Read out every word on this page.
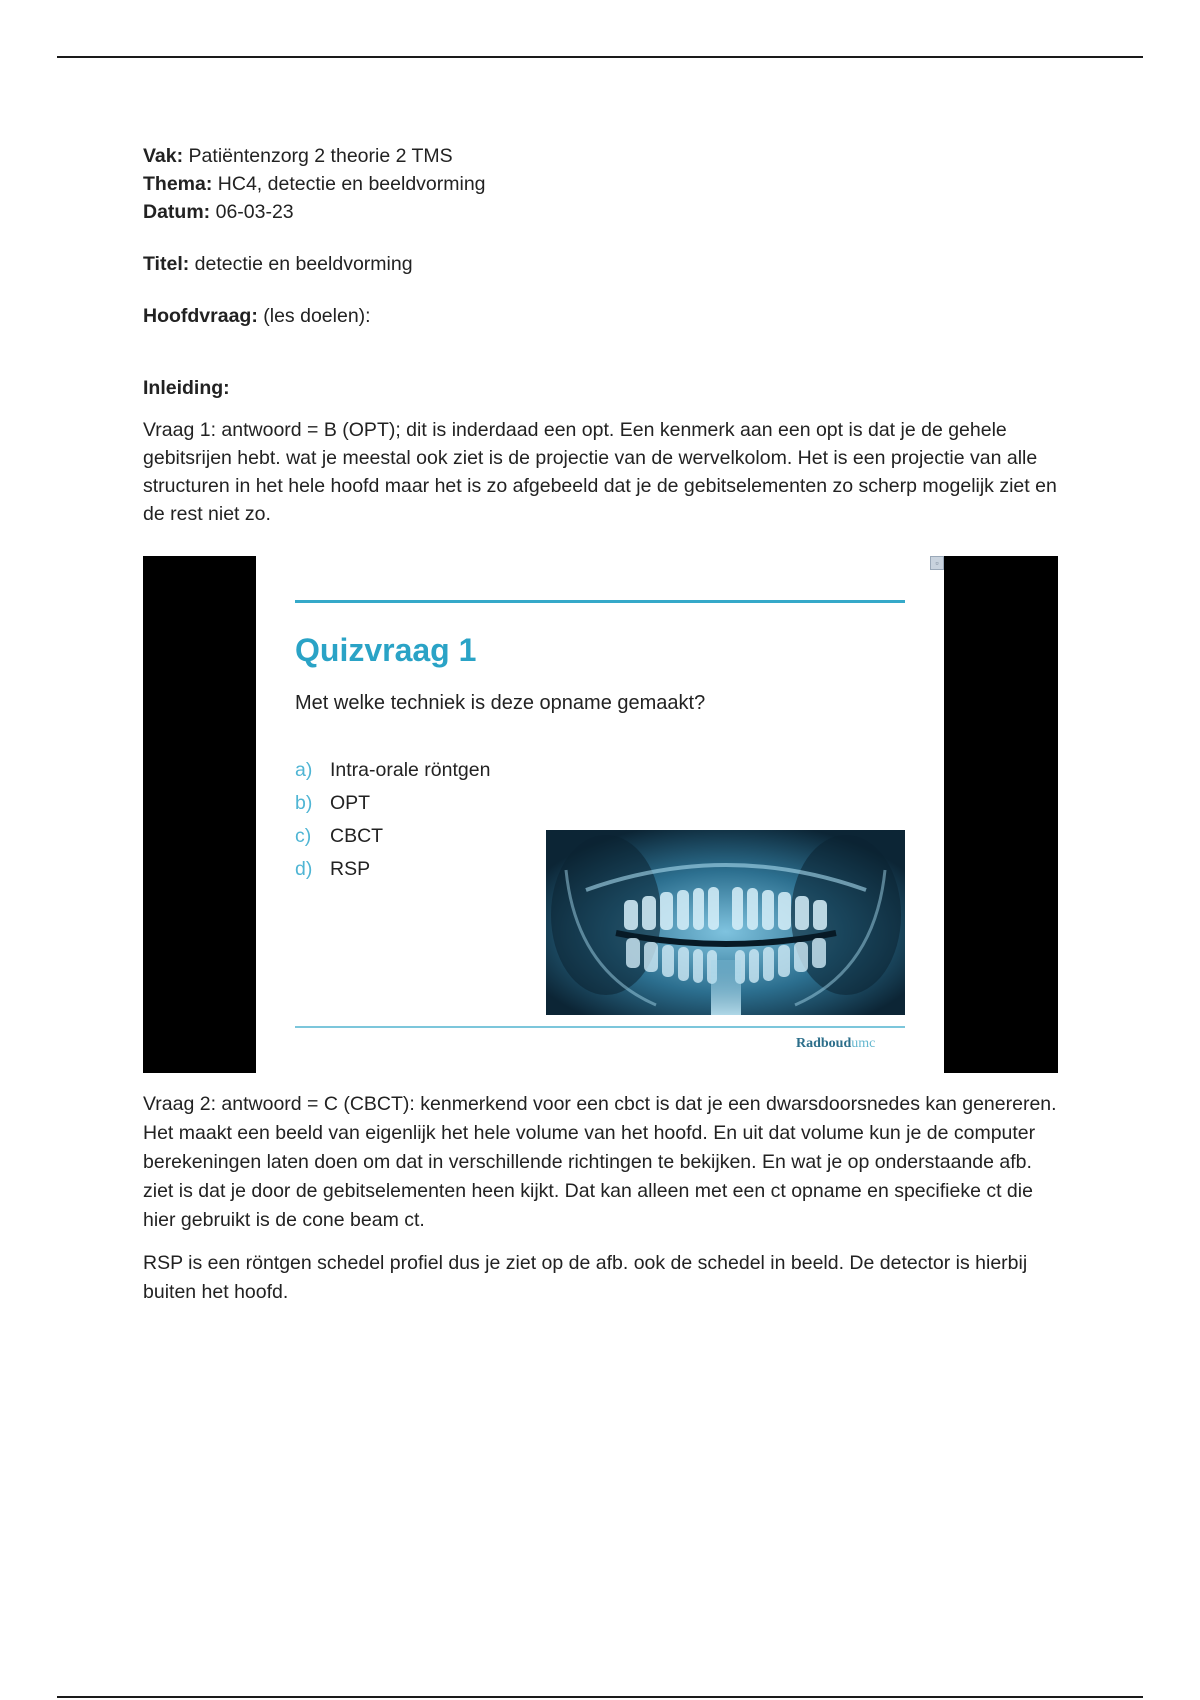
Vak: Patiëntenzorg 2 theorie 2 TMS

Thema: HC4, detectie en beeldvorming

Datum: 06-03-23

Titel: detectie en beeldvorming

Hoofdvraag: (les doelen):

Inleiding:

Vraag 1: antwoord = B (OPT); dit is inderdaad een opt. Een kenmerk aan een opt is dat je de gehele gebitsrijen hebt. wat je meestal ook ziet is de projectie van de wervelkolom. Het is een projectie van alle structuren in het hele hoofd maar het is zo afgebeeld dat je de gebitselementen zo scherp mogelijk ziet en de rest niet zo.

▫
Quizvraag 1
Met welke techniek is deze opname gemaakt?
a) Intra-orale röntgen
b) OPT
c) CBCT
d) RSP
Radboudumc

Vraag 2: antwoord = C (CBCT): kenmerkend voor een cbct is dat je een dwarsdoorsnedes kan genereren. Het maakt een beeld van eigenlijk het hele volume van het hoofd. En uit dat volume kun je de computer berekeningen laten doen om dat in verschillende richtingen te bekijken. En wat je op onderstaande afb. ziet is dat je door de gebitselementen heen kijkt. Dat kan alleen met een ct opname en specifieke ct die hier gebruikt is de cone beam ct.

RSP is een röntgen schedel profiel dus je ziet op de afb. ook de schedel in beeld. De detector is hierbij buiten het hoofd.
